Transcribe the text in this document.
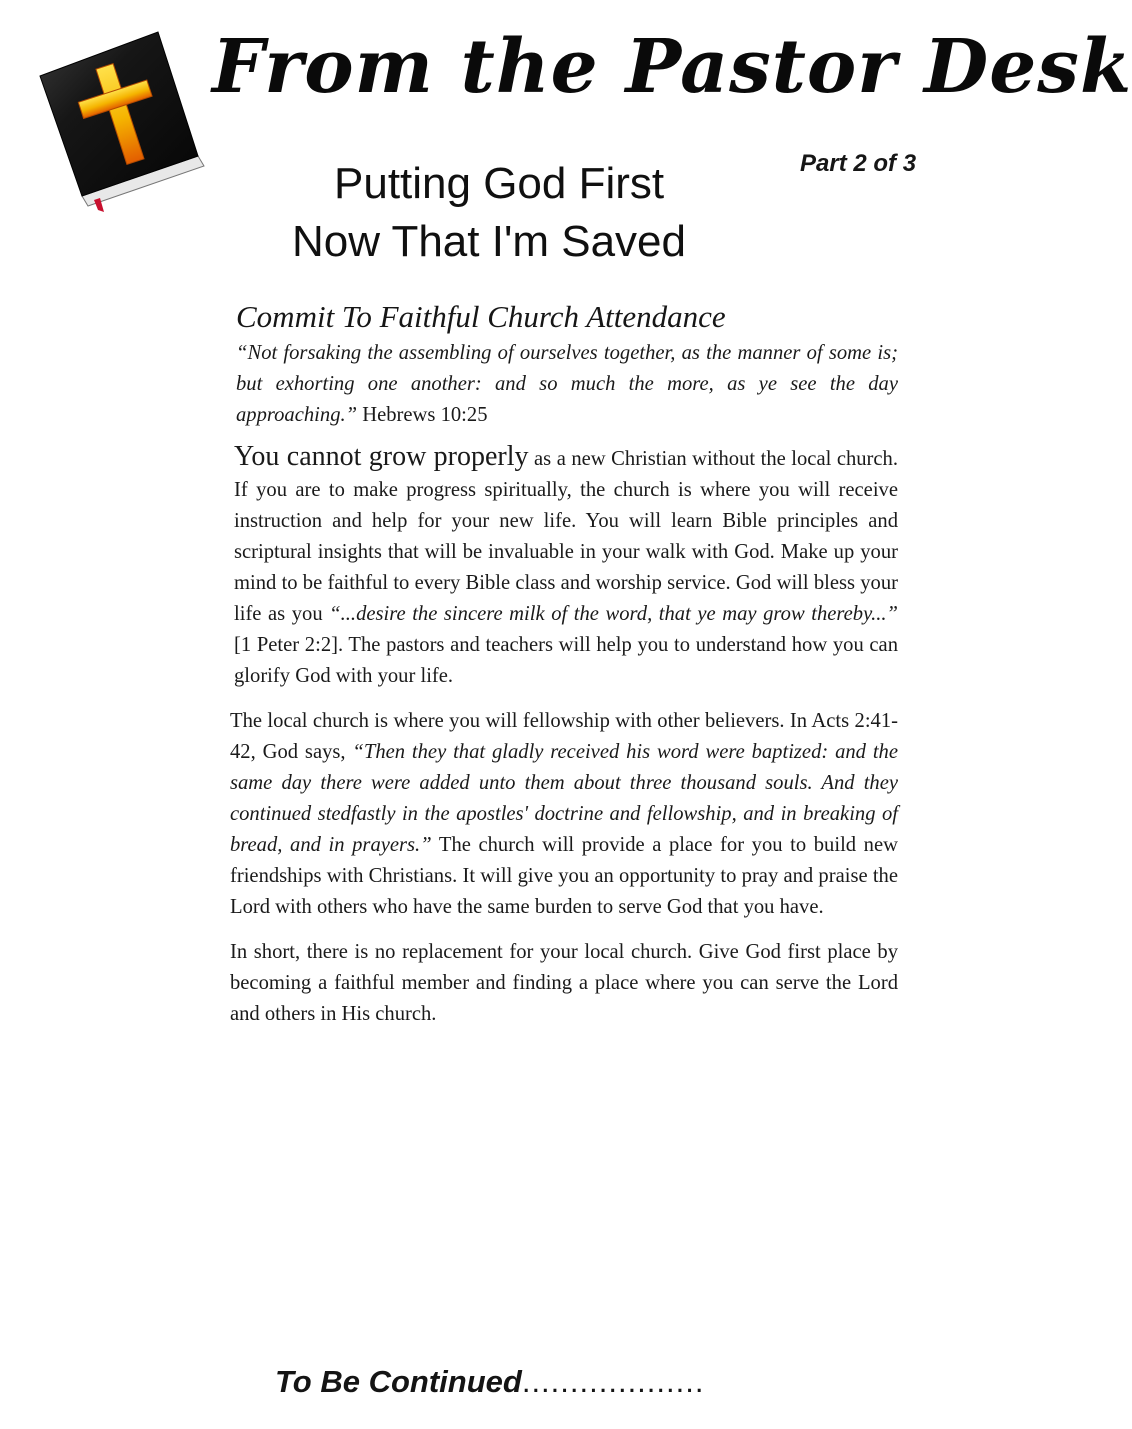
From the Pastor Desk
Part 2 of 3
Putting God First
Now That I'm Saved
Commit To Faithful Church Attendance
“Not forsaking the assembling of ourselves together, as the manner of some is; but exhorting one another: and so much the more, as ye see the day approaching.” Hebrews 10:25
You cannot grow properly as a new Christian without the local church. If you are to make progress spiritually, the church is where you will receive instruction and help for your new life. You will learn Bible principles and scriptural insights that will be invaluable in your walk with God. Make up your mind to be faithful to every Bible class and worship service. God will bless your life as you “...desire the sincere milk of the word, that ye may grow thereby...” [1 Peter 2:2]. The pastors and teachers will help you to understand how you can glorify God with your life.
The local church is where you will fellowship with other believers. In Acts 2:41-42, God says, “Then they that gladly received his word were baptized: and the same day there were added unto them about three thousand souls. And they continued stedfastly in the apostles' doctrine and fellowship, and in breaking of bread, and in prayers.” The church will provide a place for you to build new friendships with Christians. It will give you an opportunity to pray and praise the Lord with others who have the same burden to serve God that you have.
In short, there is no replacement for your local church. Give God first place by becoming a faithful member and finding a place where you can serve the Lord and others in His church.
To Be Continued...................
